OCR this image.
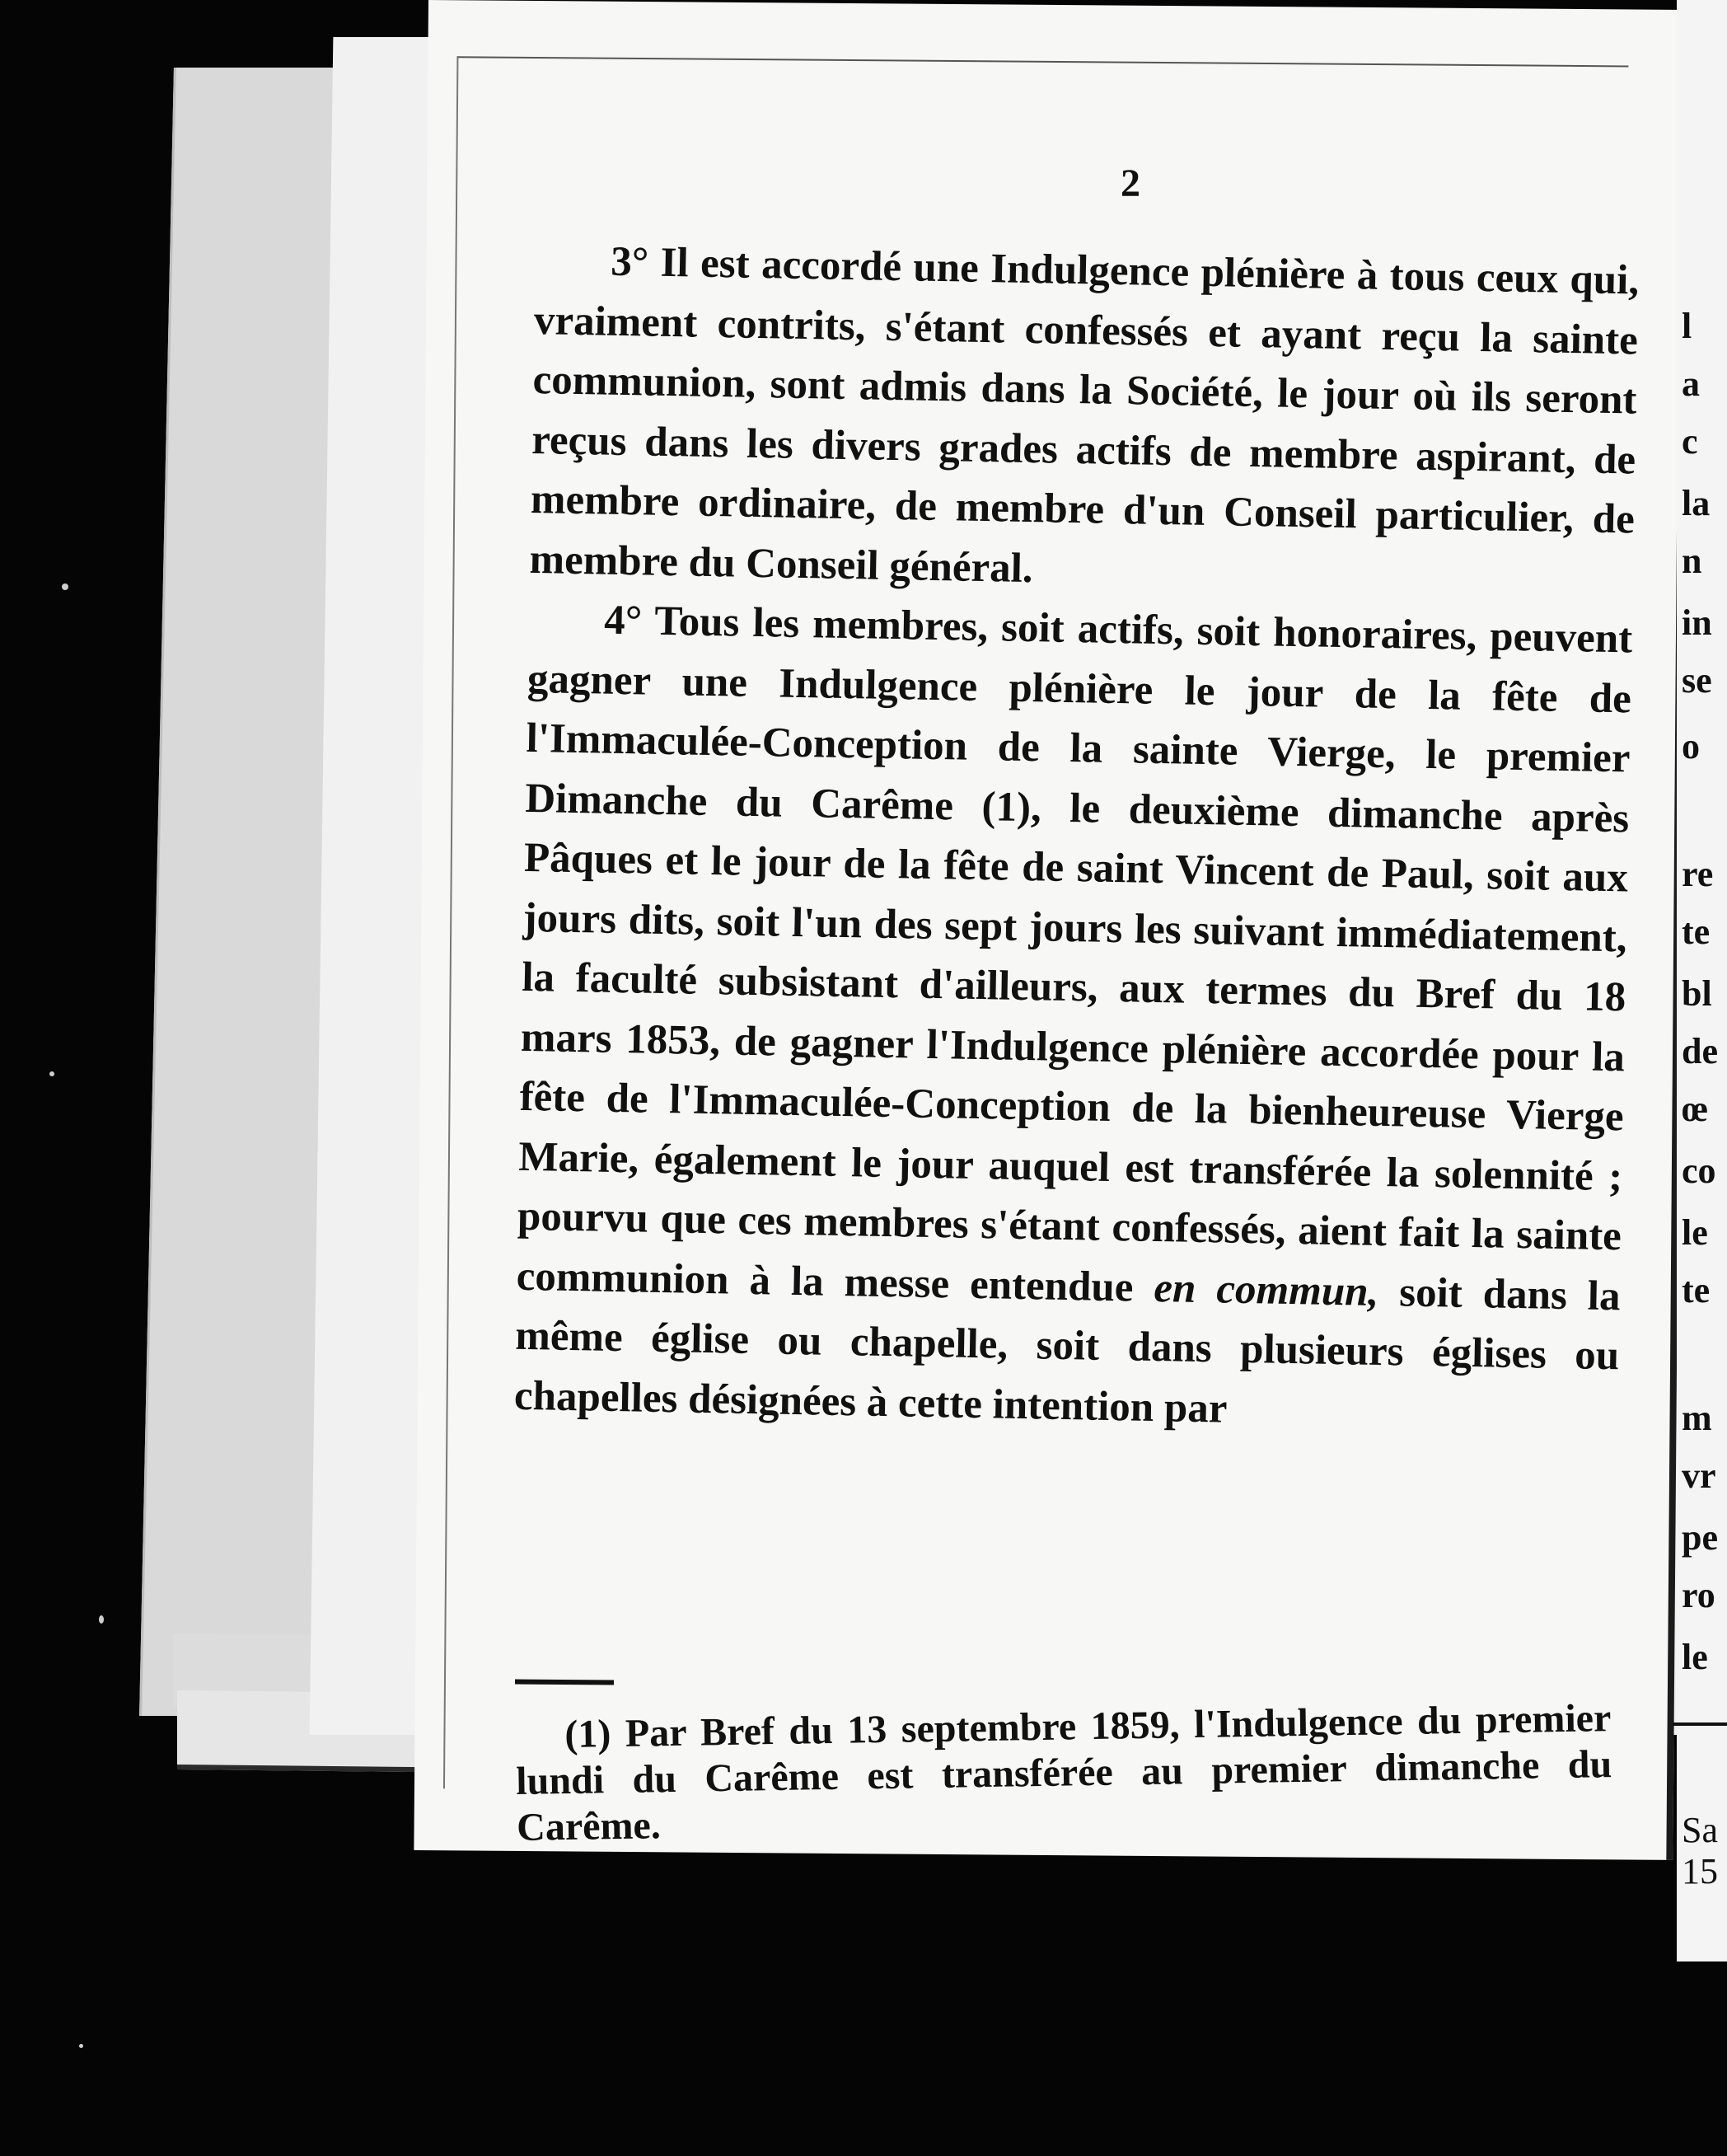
l
a
c
la
n
in
se
o
re
te
bl
de
œ
co
le
te
m
vr
pe
ro
le
Sa
15
2

3° Il est accordé une Indulgence plénière à tous ceux qui, vraiment contrits, s'étant confessés et ayant reçu la sainte communion, sont admis dans la Société, le jour où ils seront reçus dans les divers grades actifs de membre aspirant, de membre ordinaire, de membre d'un Conseil particulier, de membre du Conseil général.

4° Tous les membres, soit actifs, soit honoraires, peuvent gagner une Indulgence plénière le jour de la fête de l'Immaculée-Conception de la sainte Vierge, le premier Dimanche du Carême (1), le deuxième dimanche après Pâques et le jour de la fête de saint Vincent de Paul, soit aux jours dits, soit l'un des sept jours les suivant immédiatement, la faculté subsistant d'ailleurs, aux termes du Bref du 18 mars 1853, de gagner l'Indulgence plénière accordée pour la fête de l'Immaculée-Conception de la bienheureuse Vierge Marie, également le jour auquel est transférée la solennité ; pourvu que ces membres s'étant confessés, aient fait la sainte communion à la messe entendue en commun, soit dans la même église ou chapelle, soit dans plusieurs églises ou chapelles désignées à cette intention par

(1) Par Bref du 13 septembre 1859, l'Indulgence du premier lundi du Carême est transférée au premier dimanche du Carême.
